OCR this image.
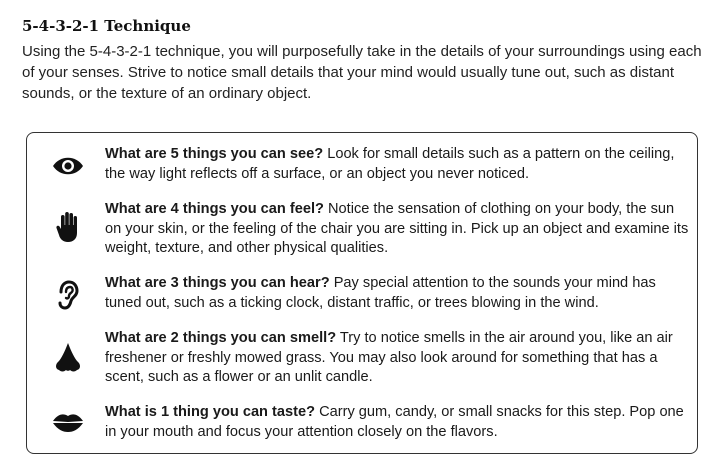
5-4-3-2-1 Technique
Using the 5-4-3-2-1 technique, you will purposefully take in the details of your surroundings using each of your senses. Strive to notice small details that your mind would usually tune out, such as distant sounds, or the texture of an ordinary object.
What are 5 things you can see? Look for small details such as a pattern on the ceiling, the way light reflects off a surface, or an object you never noticed.
What are 4 things you can feel? Notice the sensation of clothing on your body, the sun on your skin, or the feeling of the chair you are sitting in. Pick up an object and examine its weight, texture, and other physical qualities.
What are 3 things you can hear? Pay special attention to the sounds your mind has tuned out, such as a ticking clock, distant traffic, or trees blowing in the wind.
What are 2 things you can smell? Try to notice smells in the air around you, like an air freshener or freshly mowed grass. You may also look around for something that has a scent, such as a flower or an unlit candle.
What is 1 thing you can taste? Carry gum, candy, or small snacks for this step. Pop one in your mouth and focus your attention closely on the flavors.
